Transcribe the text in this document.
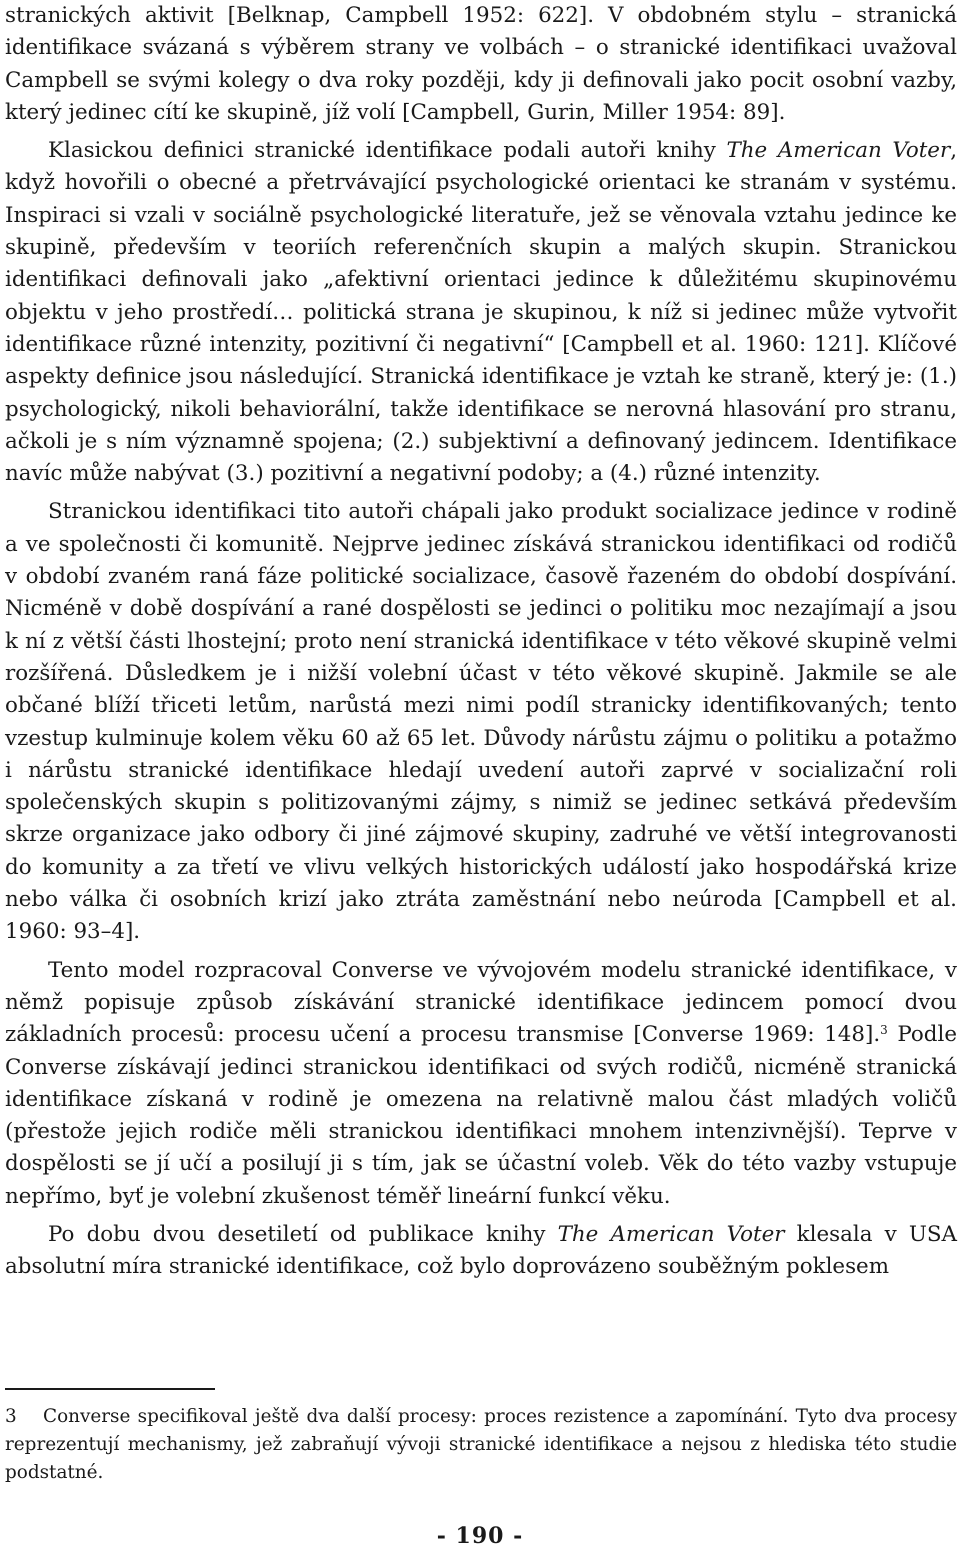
stranických aktivit [Belknap, Campbell 1952: 622]. V obdobném stylu – stranická identifikace svázaná s výběrem strany ve volbách – o stranické identifikaci uvažoval Campbell se svými kolegy o dva roky později, kdy ji definovali jako pocit osobní vazby, který jedinec cítí ke skupině, jíž volí [Campbell, Gurin, Miller 1954: 89].

Klasickou definici stranické identifikace podali autoři knihy The American Voter, když hovořili o obecné a přetrvávající psychologické orientaci ke stranám v systému. Inspiraci si vzali v sociálně psychologické literatuře, jež se věnovala vztahu jedince ke skupině, především v teoriích referenčních skupin a malých skupin. Stranickou identifikaci definovali jako „afektivní orientaci jedince k důležitému skupinovému objektu v jeho prostředí… politická strana je skupinou, k níž si jedinec může vytvořit identifikace různé intenzity, pozitivní či negativní“ [Campbell et al. 1960: 121]. Klíčové aspekty definice jsou následující. Stranická identifikace je vztah ke straně, který je: (1.) psychologický, nikoli behaviorální, takže identifikace se nerovná hlasování pro stranu, ačkoli je s ním významně spojena; (2.) subjektivní a definovaný jedincem. Identifikace navíc může nabývat (3.) pozitivní a negativní podoby; a (4.) různé intenzity.

Stranickou identifikaci tito autoři chápali jako produkt socializace jedince v rodině a ve společnosti či komunitě. Nejprve jedinec získává stranickou identifikaci od rodičů v období zvaném raná fáze politické socializace, časově řazeném do období dospívání. Nicméně v době dospívání a rané dospělosti se jedinci o politiku moc nezajímají a jsou k ní z větší části lhostejní; proto není stranická identifikace v této věkové skupině velmi rozšířená. Důsledkem je i nižší volební účast v této věkové skupině. Jakmile se ale občané blíží třiceti letům, narůstá mezi nimi podíl stranicky identifikovaných; tento vzestup kulminuje kolem věku 60 až 65 let. Důvody nárůstu zájmu o politiku a potažmo i nárůstu stranické identifikace hledají uvedení autoři zaprvé v socializační roli společenských skupin s politizovanými zájmy, s nimiž se jedinec setkává především skrze organizace jako odbory či jiné zájmové skupiny, zadruhé ve větší integrovanosti do komunity a za třetí ve vlivu velkých historických událostí jako hospodářská krize nebo válka či osobních krizí jako ztráta zaměstnání nebo neúroda [Campbell et al. 1960: 93–4].

Tento model rozpracoval Converse ve vývojovém modelu stranické identifikace, v němž popisuje způsob získávání stranické identifikace jedincem pomocí dvou základních procesů: procesu učení a procesu transmise [Converse 1969: 148].$^3$ Podle Converse získávají jedinci stranickou identifikaci od svých rodičů, nicméně stranická identifikace získaná v rodině je omezena na relativně malou část mladých voličů (přestože jejich rodiče měli stranickou identifikaci mnohem intenzivnější). Teprve v dospělosti se jí učí a posilují ji s tím, jak se účastní voleb. Věk do této vazby vstupuje nepřímo, byť je volební zkušenost téměř lineární funkcí věku.

Po dobu dvou desetiletí od publikace knihy The American Voter klesala v USA absolutní míra stranické identifikace, což bylo doprovázeno souběžným poklesem

3 Converse specifikoval ještě dva další procesy: proces rezistence a zapomínání. Tyto dva procesy reprezentují mechanismy, jež zabraňují vývoji stranické identifikace a nejsou z hlediska této studie podstatné.

- 190 -
